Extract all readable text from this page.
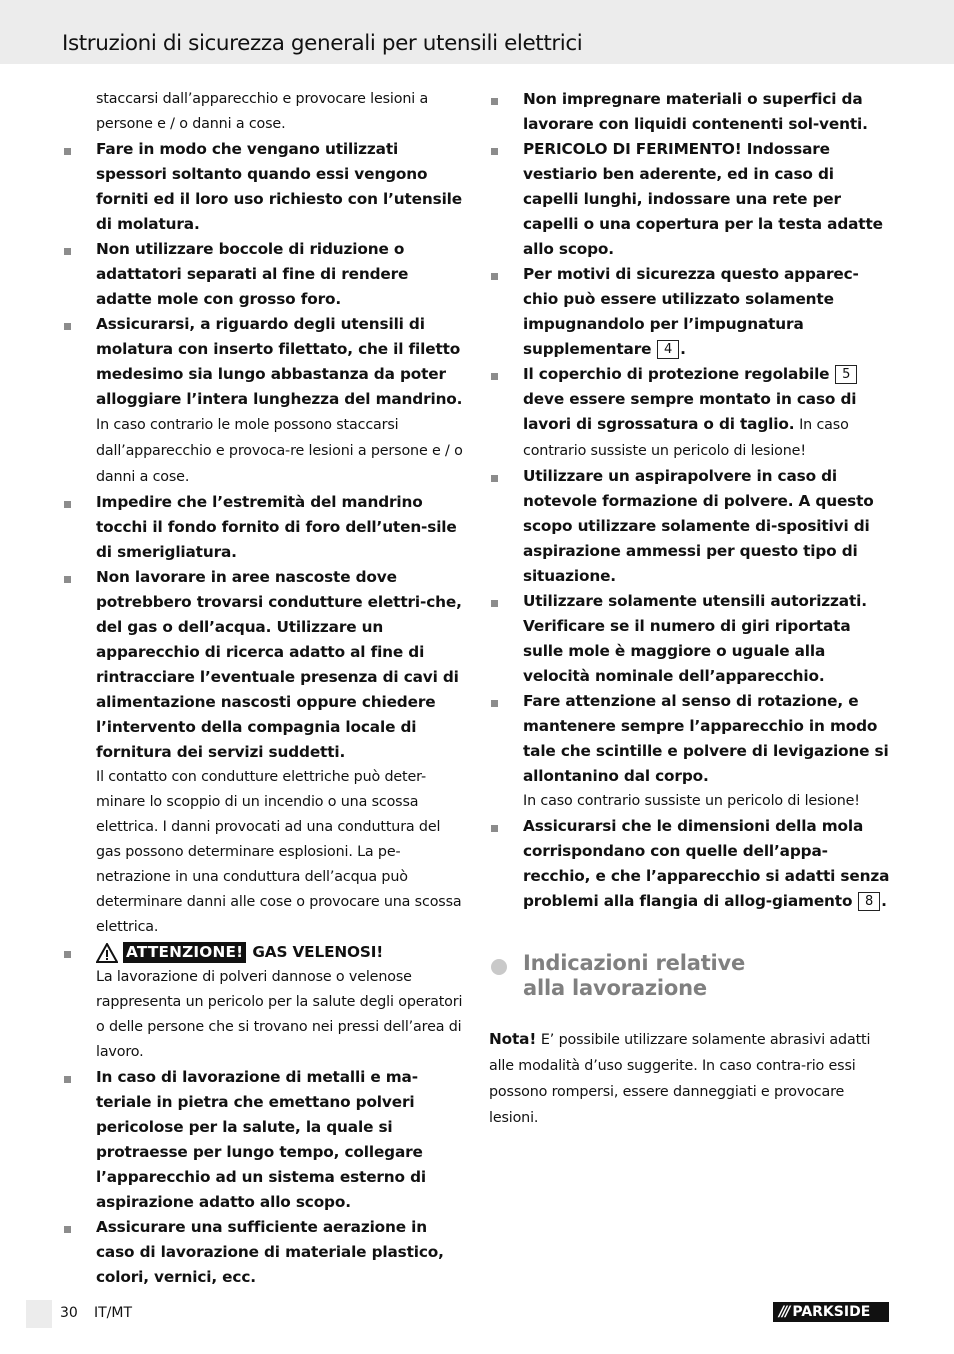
Istruzioni di sicurezza generali per utensili elettrici

staccarsi dall’apparecchio e provocare lesioni a persone e / o danni a cose.

Fare in modo che vengano utilizzati spessori soltanto quando essi vengono forniti ed il loro uso richiesto con l’utensile di molatura.
Non utilizzare boccole di riduzione o adattatori separati al fine di rendere adatte mole con grosso foro.
Assicurarsi, a riguardo degli utensili di molatura con inserto filettato, che il filetto medesimo sia lungo abbastanza da poter alloggiare l’intera lunghezza del mandrino. In caso contrario le mole possono staccarsi dall’apparecchio e provoca-re lesioni a persone e / o danni a cose.
Impedire che l’estremità del mandrino tocchi il fondo fornito di foro dell’uten-sile di smerigliatura.
Non lavorare in aree nascoste dove potrebbero trovarsi condutture elettri-che, del gas o dell’acqua. Utilizzare un apparecchio di ricerca adatto al fine di rintracciare l’eventuale presenza di cavi di alimentazione nascosti oppure chiedere l’intervento della compagnia locale di fornitura dei servizi suddetti.
Il contatto con condutture elettriche può deter-minare lo scoppio di un incendio o una scossa elettrica. I danni provocati ad una conduttura del gas possono determinare esplosioni. La pe-netrazione in una conduttura dell’acqua può determinare danni alle cose o provocare una scossa elettrica.
ATTENZIONE! GAS VELENOSI!
La lavorazione di polveri dannose o velenose rappresenta un pericolo per la salute degli operatori o delle persone che si trovano nei pressi dell’area di lavoro.
In caso di lavorazione di metalli e ma-teriale in pietra che emettano polveri pericolose per la salute, la quale si protraesse per lungo tempo, collegare l’apparecchio ad un sistema esterno di aspirazione adatto allo scopo.
Assicurare una sufficiente aerazione in caso di lavorazione di materiale plastico, colori, vernici, ecc.
Non impregnare materiali o superfici da lavorare con liquidi contenenti sol-venti.
PERICOLO DI FERIMENTO! Indossare vestiario ben aderente, ed in caso di capelli lunghi, indossare una rete per capelli o una copertura per la testa adatte allo scopo.
Per motivi di sicurezza questo apparec-chio può essere utilizzato solamente impugnandolo per l’impugnatura supplementare 4 .
Il coperchio di protezione regolabile 5 deve essere sempre montato in caso di lavori di sgrossatura o di taglio. In caso contrario sussiste un pericolo di lesione!
Utilizzare un aspirapolvere in caso di notevole formazione di polvere. A questo scopo utilizzare solamente di-spositivi di aspirazione ammessi per questo tipo di situazione.
Utilizzare solamente utensili autorizzati. Verificare se il numero di giri riportata sulle mole è maggiore o uguale alla velocità nominale dell’apparecchio.
Fare attenzione al senso di rotazione, e mantenere sempre l’apparecchio in modo tale che scintille e polvere di levigazione si allontanino dal corpo.
In caso contrario sussiste un pericolo di lesione!
Assicurarsi che le dimensioni della mola corrispondano con quelle dell’appa-recchio, e che l’apparecchio si adatti senza problemi alla flangia di allog-giamento 8 .
Indicazioni relative
alla lavorazione

Nota! E’ possibile utilizzare solamente abrasivi adatti alle modalità d’uso suggerite. In caso contra-rio essi possono rompersi, essere danneggiati e provocare lesioni.

30 IT/MT	/// PARKSIDE
